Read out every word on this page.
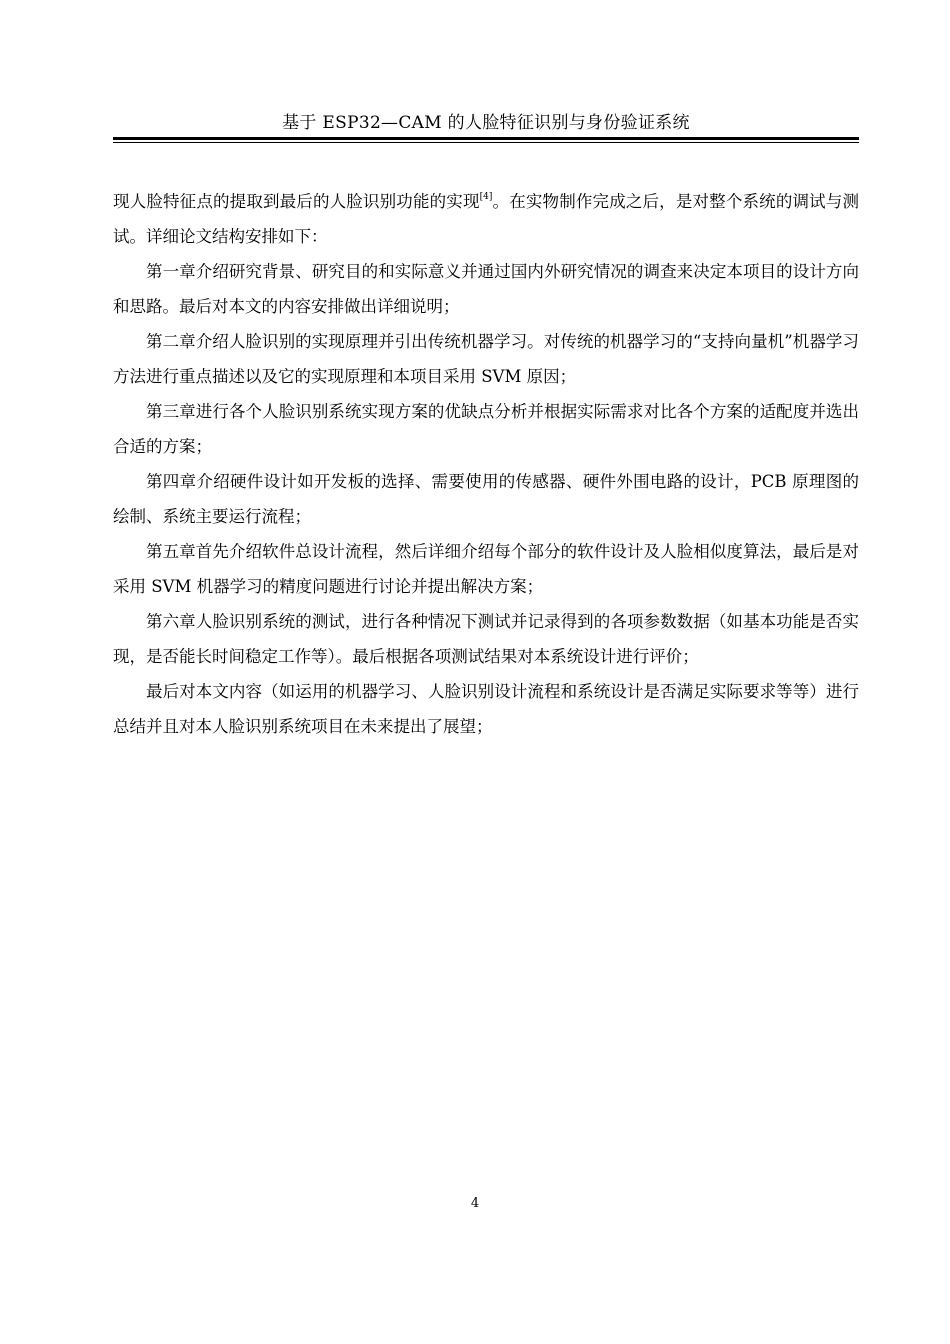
基于 ESP32—CAM 的人脸特征识别与身份验证系统

现人脸特征点的提取到最后的人脸识别功能的实现[4]。在实物制作完成之后，是对整个系统的调试与测试。详细论文结构安排如下：

第一章介绍研究背景、研究目的和实际意义并通过国内外研究情况的调查来决定本项目的设计方向和思路。最后对本文的内容安排做出详细说明；

第二章介绍人脸识别的实现原理并引出传统机器学习。对传统的机器学习的“支持向量机”机器学习方法进行重点描述以及它的实现原理和本项目采用 SVM 原因；

第三章进行各个人脸识别系统实现方案的优缺点分析并根据实际需求对比各个方案的适配度并选出合适的方案；

第四章介绍硬件设计如开发板的选择、需要使用的传感器、硬件外围电路的设计，PCB 原理图的绘制、系统主要运行流程；

第五章首先介绍软件总设计流程，然后详细介绍每个部分的软件设计及人脸相似度算法，最后是对采用 SVM 机器学习的精度问题进行讨论并提出解决方案；

第六章人脸识别系统的测试，进行各种情况下测试并记录得到的各项参数数据（如基本功能是否实现，是否能长时间稳定工作等）。最后根据各项测试结果对本系统设计进行评价；

最后对本文内容（如运用的机器学习、人脸识别设计流程和系统设计是否满足实际要求等等）进行总结并且对本人脸识别系统项目在未来提出了展望；

4
